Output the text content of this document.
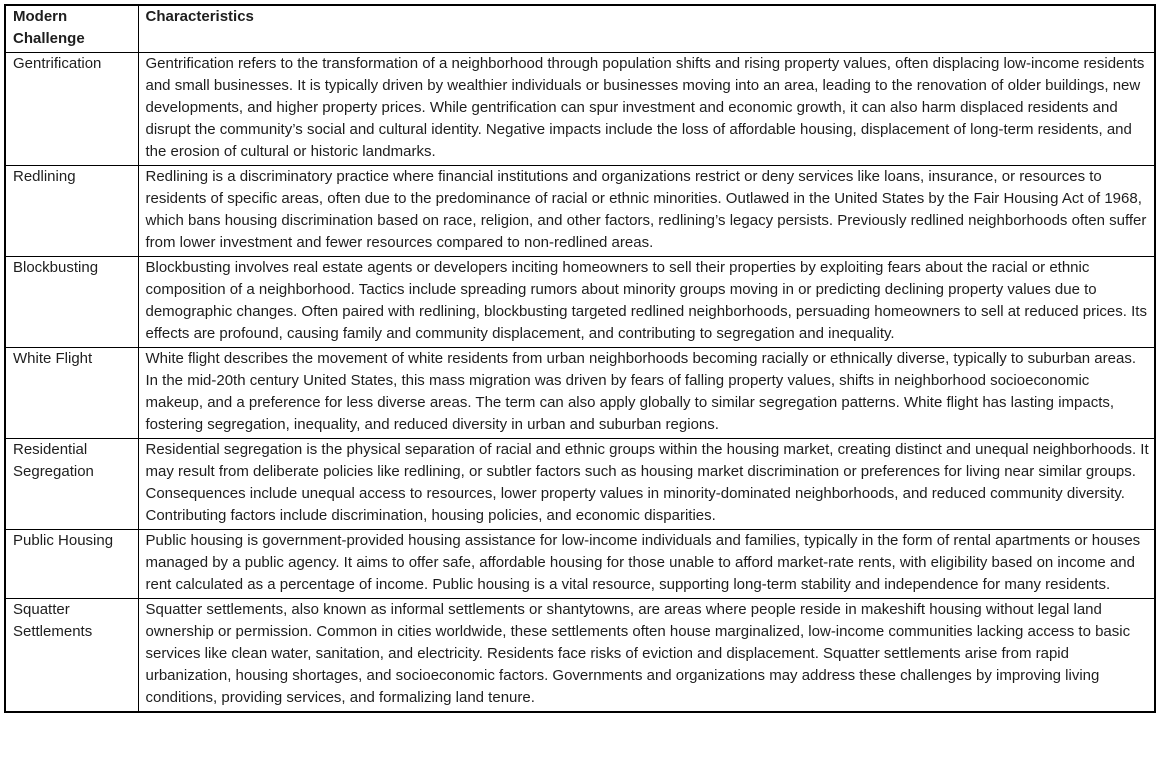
Modern Challenge	Characteristics
Gentrification	Gentrification refers to the transformation of a neighborhood through population shifts and rising property values, often displacing low-income residents and small businesses. It is typically driven by wealthier individuals or businesses moving into an area, leading to the renovation of older buildings, new developments, and higher property prices. While gentrification can spur investment and economic growth, it can also harm displaced residents and disrupt the community’s social and cultural identity. Negative impacts include the loss of affordable housing, displacement of long-term residents, and the erosion of cultural or historic landmarks.
Redlining	Redlining is a discriminatory practice where financial institutions and organizations restrict or deny services like loans, insurance, or resources to residents of specific areas, often due to the predominance of racial or ethnic minorities. Outlawed in the United States by the Fair Housing Act of 1968, which bans housing discrimination based on race, religion, and other factors, redlining’s legacy persists. Previously redlined neighborhoods often suffer from lower investment and fewer resources compared to non-redlined areas.
Blockbusting	Blockbusting involves real estate agents or developers inciting homeowners to sell their properties by exploiting fears about the racial or ethnic composition of a neighborhood. Tactics include spreading rumors about minority groups moving in or predicting declining property values due to demographic changes. Often paired with redlining, blockbusting targeted redlined neighborhoods, persuading homeowners to sell at reduced prices. Its effects are profound, causing family and community displacement, and contributing to segregation and inequality.
White Flight	White flight describes the movement of white residents from urban neighborhoods becoming racially or ethnically diverse, typically to suburban areas. In the mid-20th century United States, this mass migration was driven by fears of falling property values, shifts in neighborhood socioeconomic makeup, and a preference for less diverse areas. The term can also apply globally to similar segregation patterns. White flight has lasting impacts, fostering segregation, inequality, and reduced diversity in urban and suburban regions.
Residential Segregation	Residential segregation is the physical separation of racial and ethnic groups within the housing market, creating distinct and unequal neighborhoods. It may result from deliberate policies like redlining, or subtler factors such as housing market discrimination or preferences for living near similar groups. Consequences include unequal access to resources, lower property values in minority-dominated neighborhoods, and reduced community diversity. Contributing factors include discrimination, housing policies, and economic disparities.
Public Housing	Public housing is government-provided housing assistance for low-income individuals and families, typically in the form of rental apartments or houses managed by a public agency. It aims to offer safe, affordable housing for those unable to afford market-rate rents, with eligibility based on income and rent calculated as a percentage of income. Public housing is a vital resource, supporting long-term stability and independence for many residents.
Squatter Settlements	Squatter settlements, also known as informal settlements or shantytowns, are areas where people reside in makeshift housing without legal land ownership or permission. Common in cities worldwide, these settlements often house marginalized, low-income communities lacking access to basic services like clean water, sanitation, and electricity. Residents face risks of eviction and displacement. Squatter settlements arise from rapid urbanization, housing shortages, and socioeconomic factors. Governments and organizations may address these challenges by improving living conditions, providing services, and formalizing land tenure.
